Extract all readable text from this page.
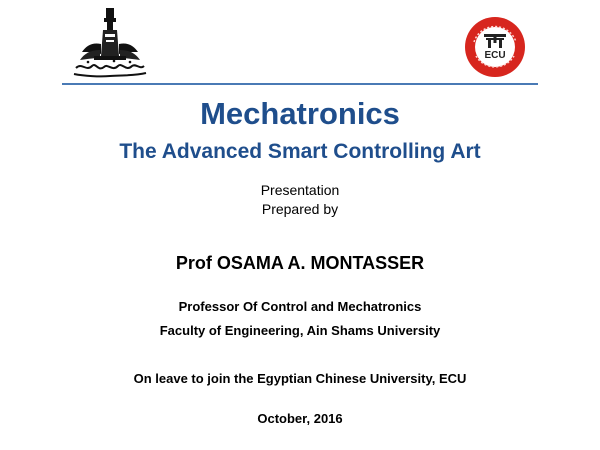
ECU
Mechatronics
The Advanced Smart Controlling Art
Presentation
Prepared by
Prof OSAMA A. MONTASSER
Professor Of Control and Mechatronics
Faculty of Engineering, Ain Shams University
On leave to join the Egyptian Chinese University, ECU
October, 2016
